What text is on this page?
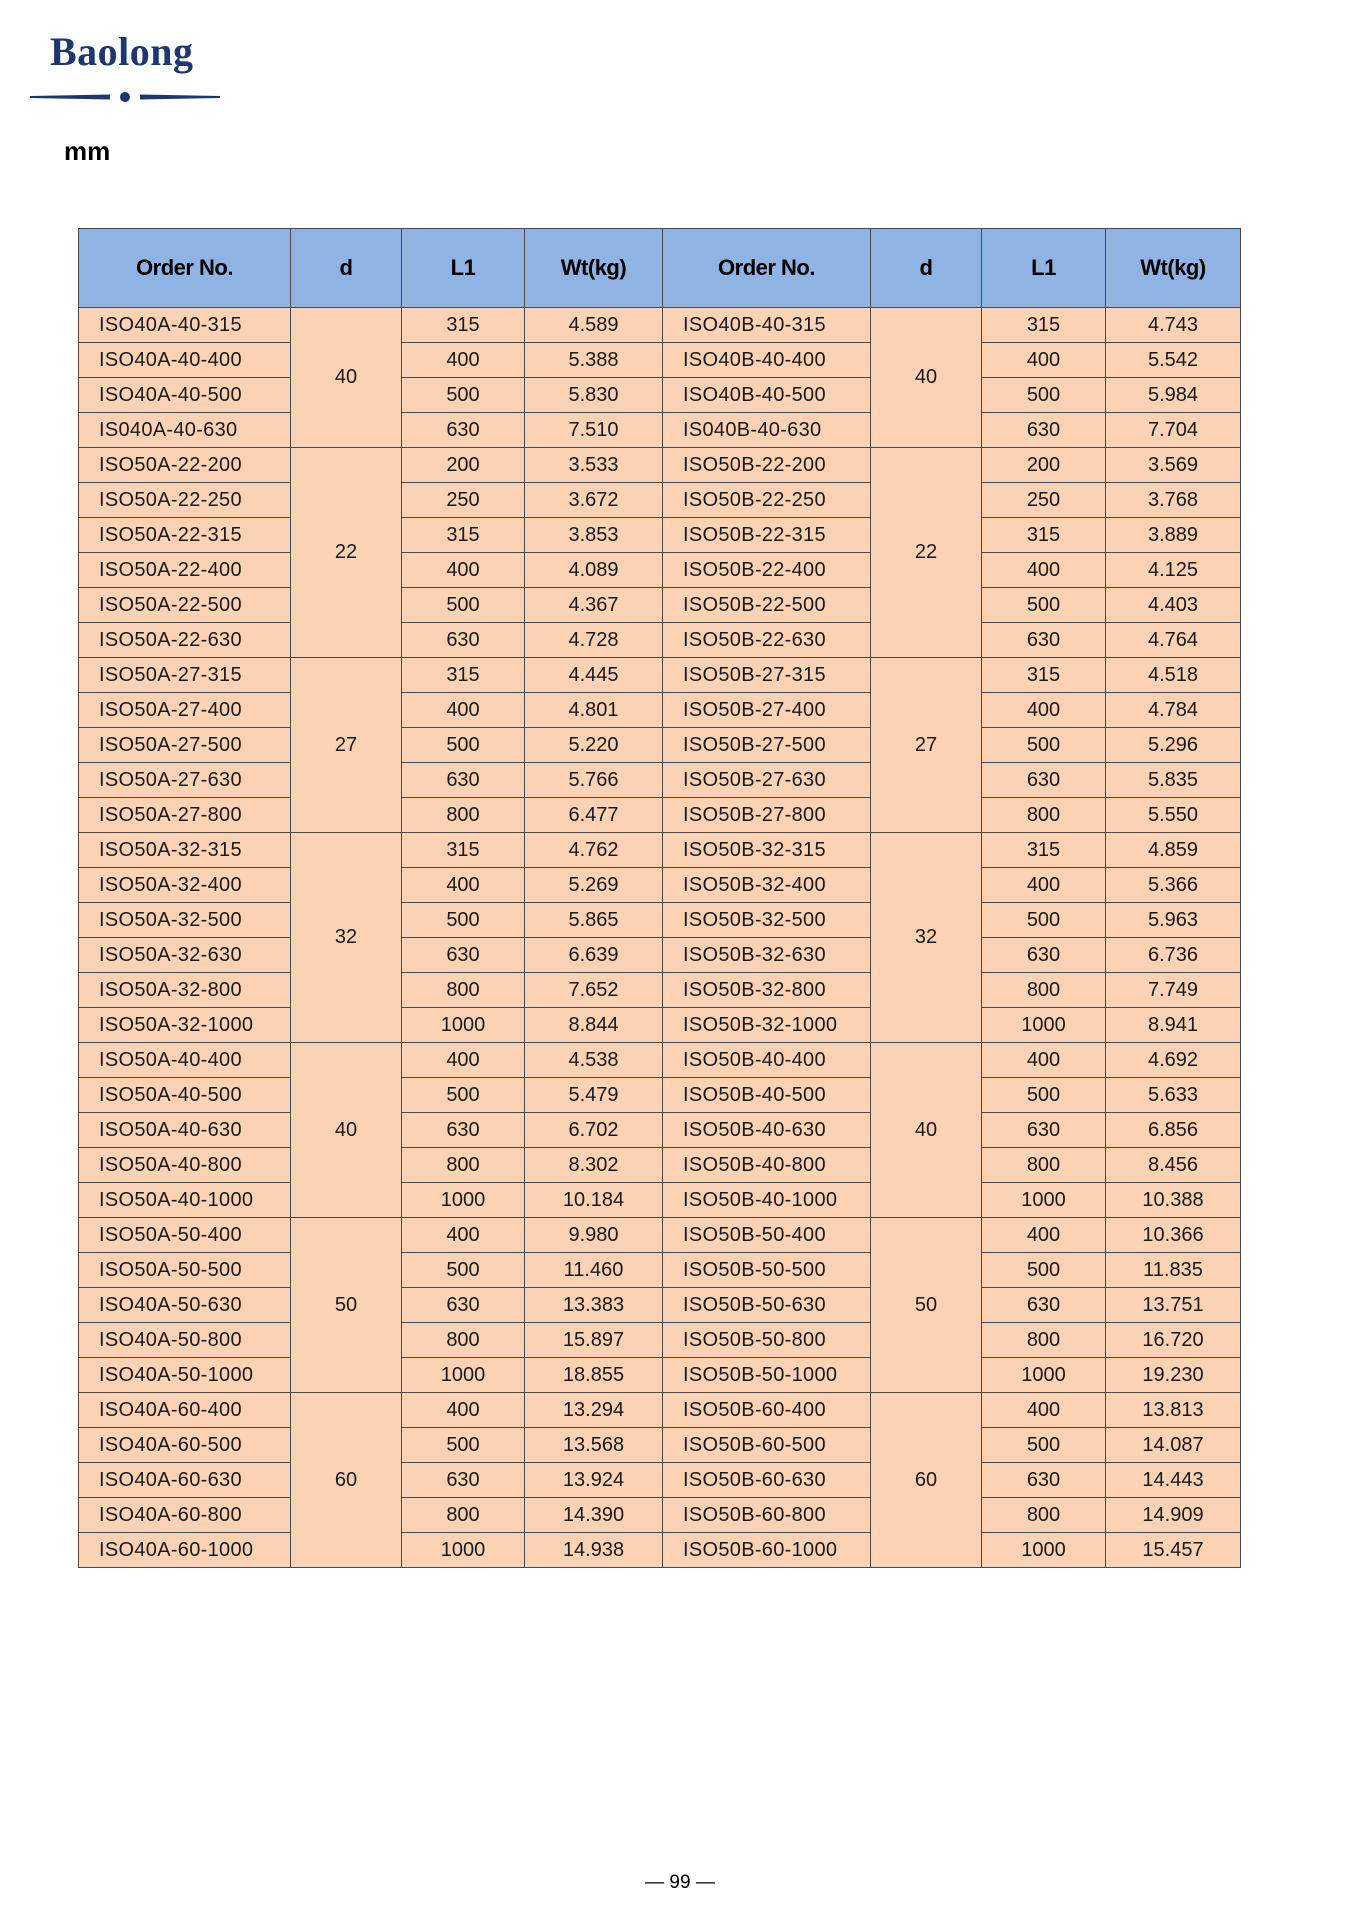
Baolong
mm
Order No.	d	L1	Wt(kg)	Order No.	d	L1	Wt(kg)
ISO40A-40-315	40	315	4.589	ISO40B-40-315	40	315	4.743
ISO40A-40-400		400	5.388	ISO40B-40-400		400	5.542
ISO40A-40-500		500	5.830	ISO40B-40-500		500	5.984
IS040A-40-630		630	7.510	IS040B-40-630		630	7.704
ISO50A-22-200	22	200	3.533	ISO50B-22-200	22	200	3.569
ISO50A-22-250		250	3.672	ISO50B-22-250		250	3.768
ISO50A-22-315		315	3.853	ISO50B-22-315		315	3.889
ISO50A-22-400		400	4.089	ISO50B-22-400		400	4.125
ISO50A-22-500		500	4.367	ISO50B-22-500		500	4.403
ISO50A-22-630		630	4.728	ISO50B-22-630		630	4.764
ISO50A-27-315	27	315	4.445	ISO50B-27-315	27	315	4.518
ISO50A-27-400		400	4.801	ISO50B-27-400		400	4.784
ISO50A-27-500		500	5.220	ISO50B-27-500		500	5.296
ISO50A-27-630		630	5.766	ISO50B-27-630		630	5.835
ISO50A-27-800		800	6.477	ISO50B-27-800		800	5.550
ISO50A-32-315	32	315	4.762	ISO50B-32-315	32	315	4.859
ISO50A-32-400		400	5.269	ISO50B-32-400		400	5.366
ISO50A-32-500		500	5.865	ISO50B-32-500		500	5.963
ISO50A-32-630		630	6.639	ISO50B-32-630		630	6.736
ISO50A-32-800		800	7.652	ISO50B-32-800		800	7.749
ISO50A-32-1000		1000	8.844	ISO50B-32-1000		1000	8.941
ISO50A-40-400	40	400	4.538	ISO50B-40-400	40	400	4.692
ISO50A-40-500		500	5.479	ISO50B-40-500		500	5.633
ISO50A-40-630		630	6.702	ISO50B-40-630		630	6.856
ISO50A-40-800		800	8.302	ISO50B-40-800		800	8.456
ISO50A-40-1000		1000	10.184	ISO50B-40-1000		1000	10.388
ISO50A-50-400	50	400	9.980	ISO50B-50-400	50	400	10.366
ISO50A-50-500		500	11.460	ISO50B-50-500		500	11.835
ISO40A-50-630		630	13.383	ISO50B-50-630		630	13.751
ISO40A-50-800		800	15.897	ISO50B-50-800		800	16.720
ISO40A-50-1000		1000	18.855	ISO50B-50-1000		1000	19.230
ISO40A-60-400	60	400	13.294	ISO50B-60-400	60	400	13.813
ISO40A-60-500		500	13.568	ISO50B-60-500		500	14.087
ISO40A-60-630		630	13.924	ISO50B-60-630		630	14.443
ISO40A-60-800		800	14.390	ISO50B-60-800		800	14.909
ISO40A-60-1000		1000	14.938	ISO50B-60-1000		1000	15.457
— 99 —
